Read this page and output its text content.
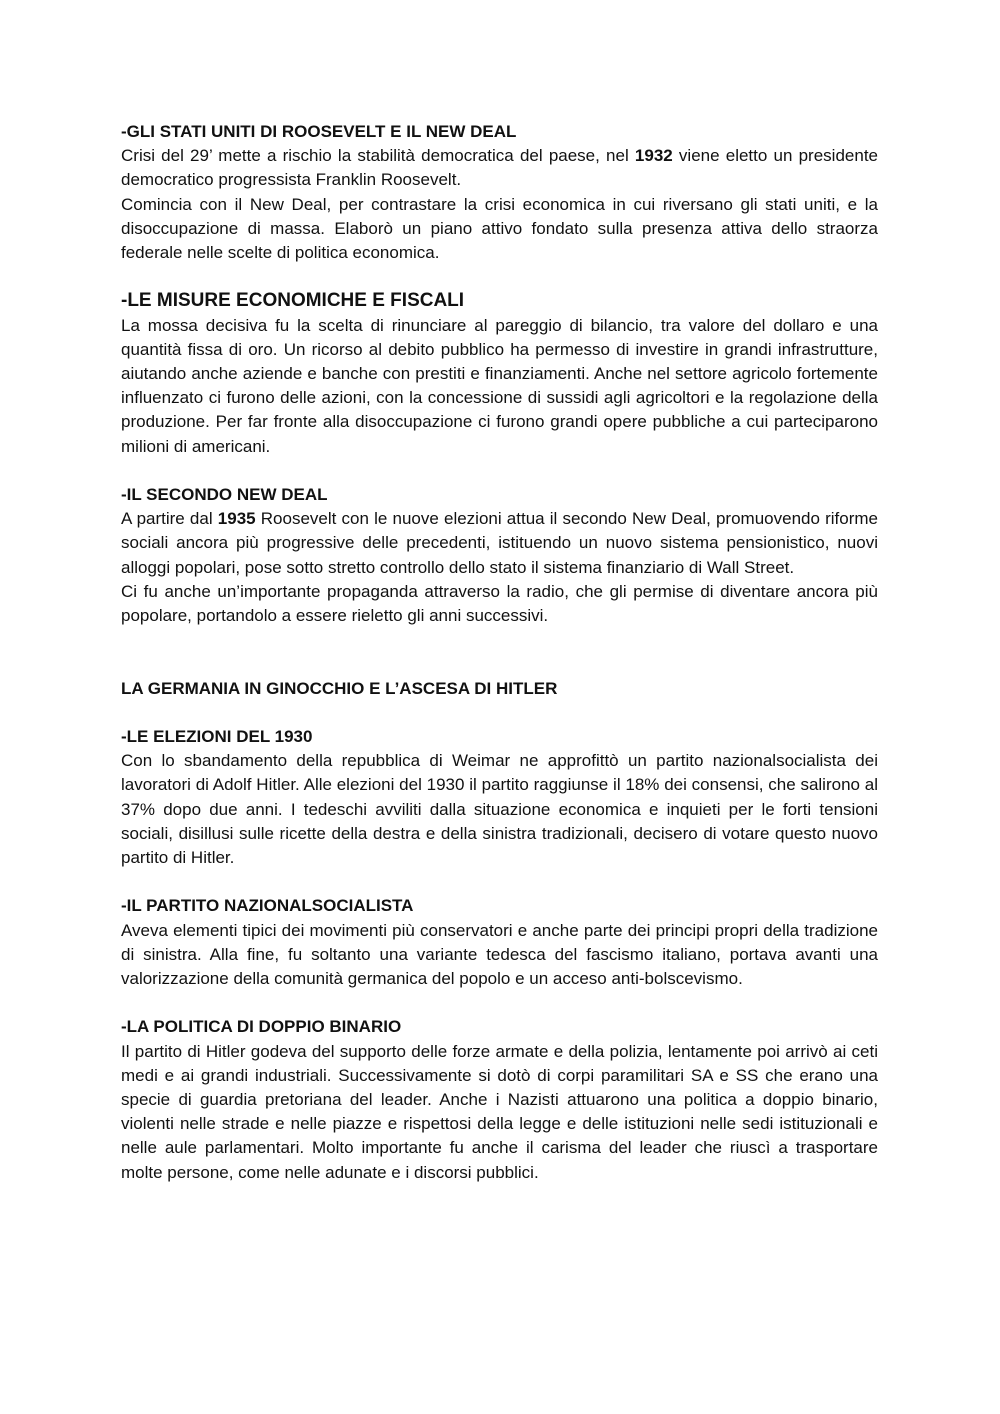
-GLI STATI UNITI DI ROOSEVELT E IL NEW DEAL

Crisi del 29’ mette a rischio la stabilità democratica del paese, nel 1932 viene eletto un presidente democratico progressista Franklin Roosevelt.

Comincia con il New Deal, per contrastare la crisi economica in cui riversano gli stati uniti, e la disoccupazione di massa. Elaborò un piano attivo fondato sulla presenza attiva dello straorza federale nelle scelte di politica economica.

-LE MISURE ECONOMICHE E FISCALI

La mossa decisiva fu la scelta di rinunciare al pareggio di bilancio, tra valore del dollaro e una quantità fissa di oro. Un ricorso al debito pubblico ha permesso di investire in grandi infrastrutture, aiutando anche aziende e banche con prestiti e finanziamenti. Anche nel settore agricolo fortemente influenzato ci furono delle azioni, con la concessione di sussidi agli agricoltori e la regolazione della produzione. Per far fronte alla disoccupazione ci furono grandi opere pubbliche a cui parteciparono milioni di americani.

-IL SECONDO NEW DEAL

A partire dal 1935 Roosevelt con le nuove elezioni attua il secondo New Deal, promuovendo riforme sociali ancora più progressive delle precedenti, istituendo un nuovo sistema pensionistico, nuovi alloggi popolari, pose sotto stretto controllo dello stato il sistema finanziario di Wall Street.

Ci fu anche un’importante propaganda attraverso la radio, che gli permise di diventare ancora più popolare, portandolo a essere rieletto gli anni successivi.

LA GERMANIA IN GINOCCHIO E L’ASCESA DI HITLER
-LE ELEZIONI DEL 1930

Con lo sbandamento della repubblica di Weimar ne approfittò un partito nazionalsocialista dei lavoratori di Adolf Hitler. Alle elezioni del 1930 il partito raggiunse il 18% dei consensi, che salirono al 37% dopo due anni. I tedeschi avviliti dalla situazione economica e inquieti per le forti tensioni sociali, disillusi sulle ricette della destra e della sinistra tradizionali, decisero di votare questo nuovo partito di Hitler.

-IL PARTITO NAZIONALSOCIALISTA

Aveva elementi tipici dei movimenti più conservatori e anche parte dei principi propri della tradizione di sinistra. Alla fine, fu soltanto una variante tedesca del fascismo italiano, portava avanti una valorizzazione della comunità germanica del popolo e un acceso anti-bolscevismo.

-LA POLITICA DI DOPPIO BINARIO

Il partito di Hitler godeva del supporto delle forze armate e della polizia, lentamente poi arrivò ai ceti medi e ai grandi industriali. Successivamente si dotò di corpi paramilitari SA e SS che erano una specie di guardia pretoriana del leader. Anche i Nazisti attuarono una politica a doppio binario, violenti nelle strade e nelle piazze e rispettosi della legge e delle istituzioni nelle sedi istituzionali e nelle aule parlamentari. Molto importante fu anche il carisma del leader che riuscì a trasportare molte persone, come nelle adunate e i discorsi pubblici.
